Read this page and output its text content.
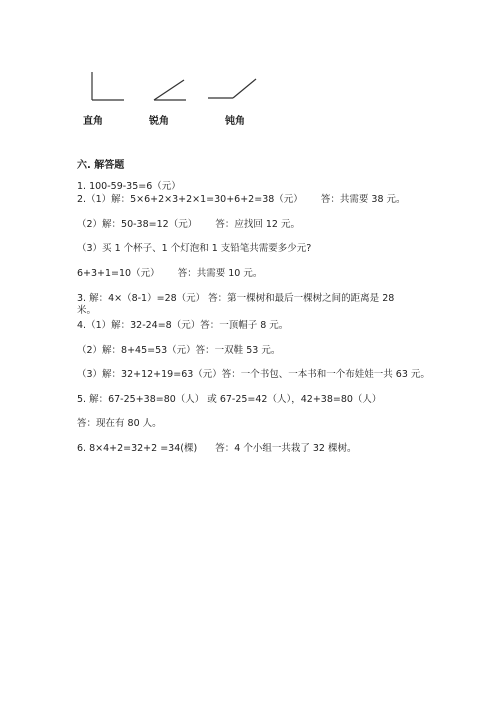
直角	锐角	钝角
六. 解答题
1. 100-59-35=6（元）
2.（1）解：5×6+2×3+2×1=30+6+2=38（元）      答：共需要 38 元。
（2）解：50-38=12（元）      答：应找回 12 元。
（3）买 1 个杯子、1 个灯泡和 1 支铅笔共需要多少元?
6+3+1=10（元）      答：共需要 10 元。
3. 解：4×（8-1）=28（元） 答：第一棵树和最后一棵树之间的距离是 28 米。
4.（1）解：32-24=8（元）答：一顶帽子 8 元。
（2）解：8+45=53（元）答：一双鞋 53 元。
（3）解：32+12+19=63（元）答：一个书包、一本书和一个布娃娃一共 63 元。
5. 解：67-25+38=80（人） 或 67-25=42（人），42+38=80（人）
答：现在有 80 人。
6. 8×4+2=32+2 =34(棵)      答：4 个小组一共栽了 32 棵树。
